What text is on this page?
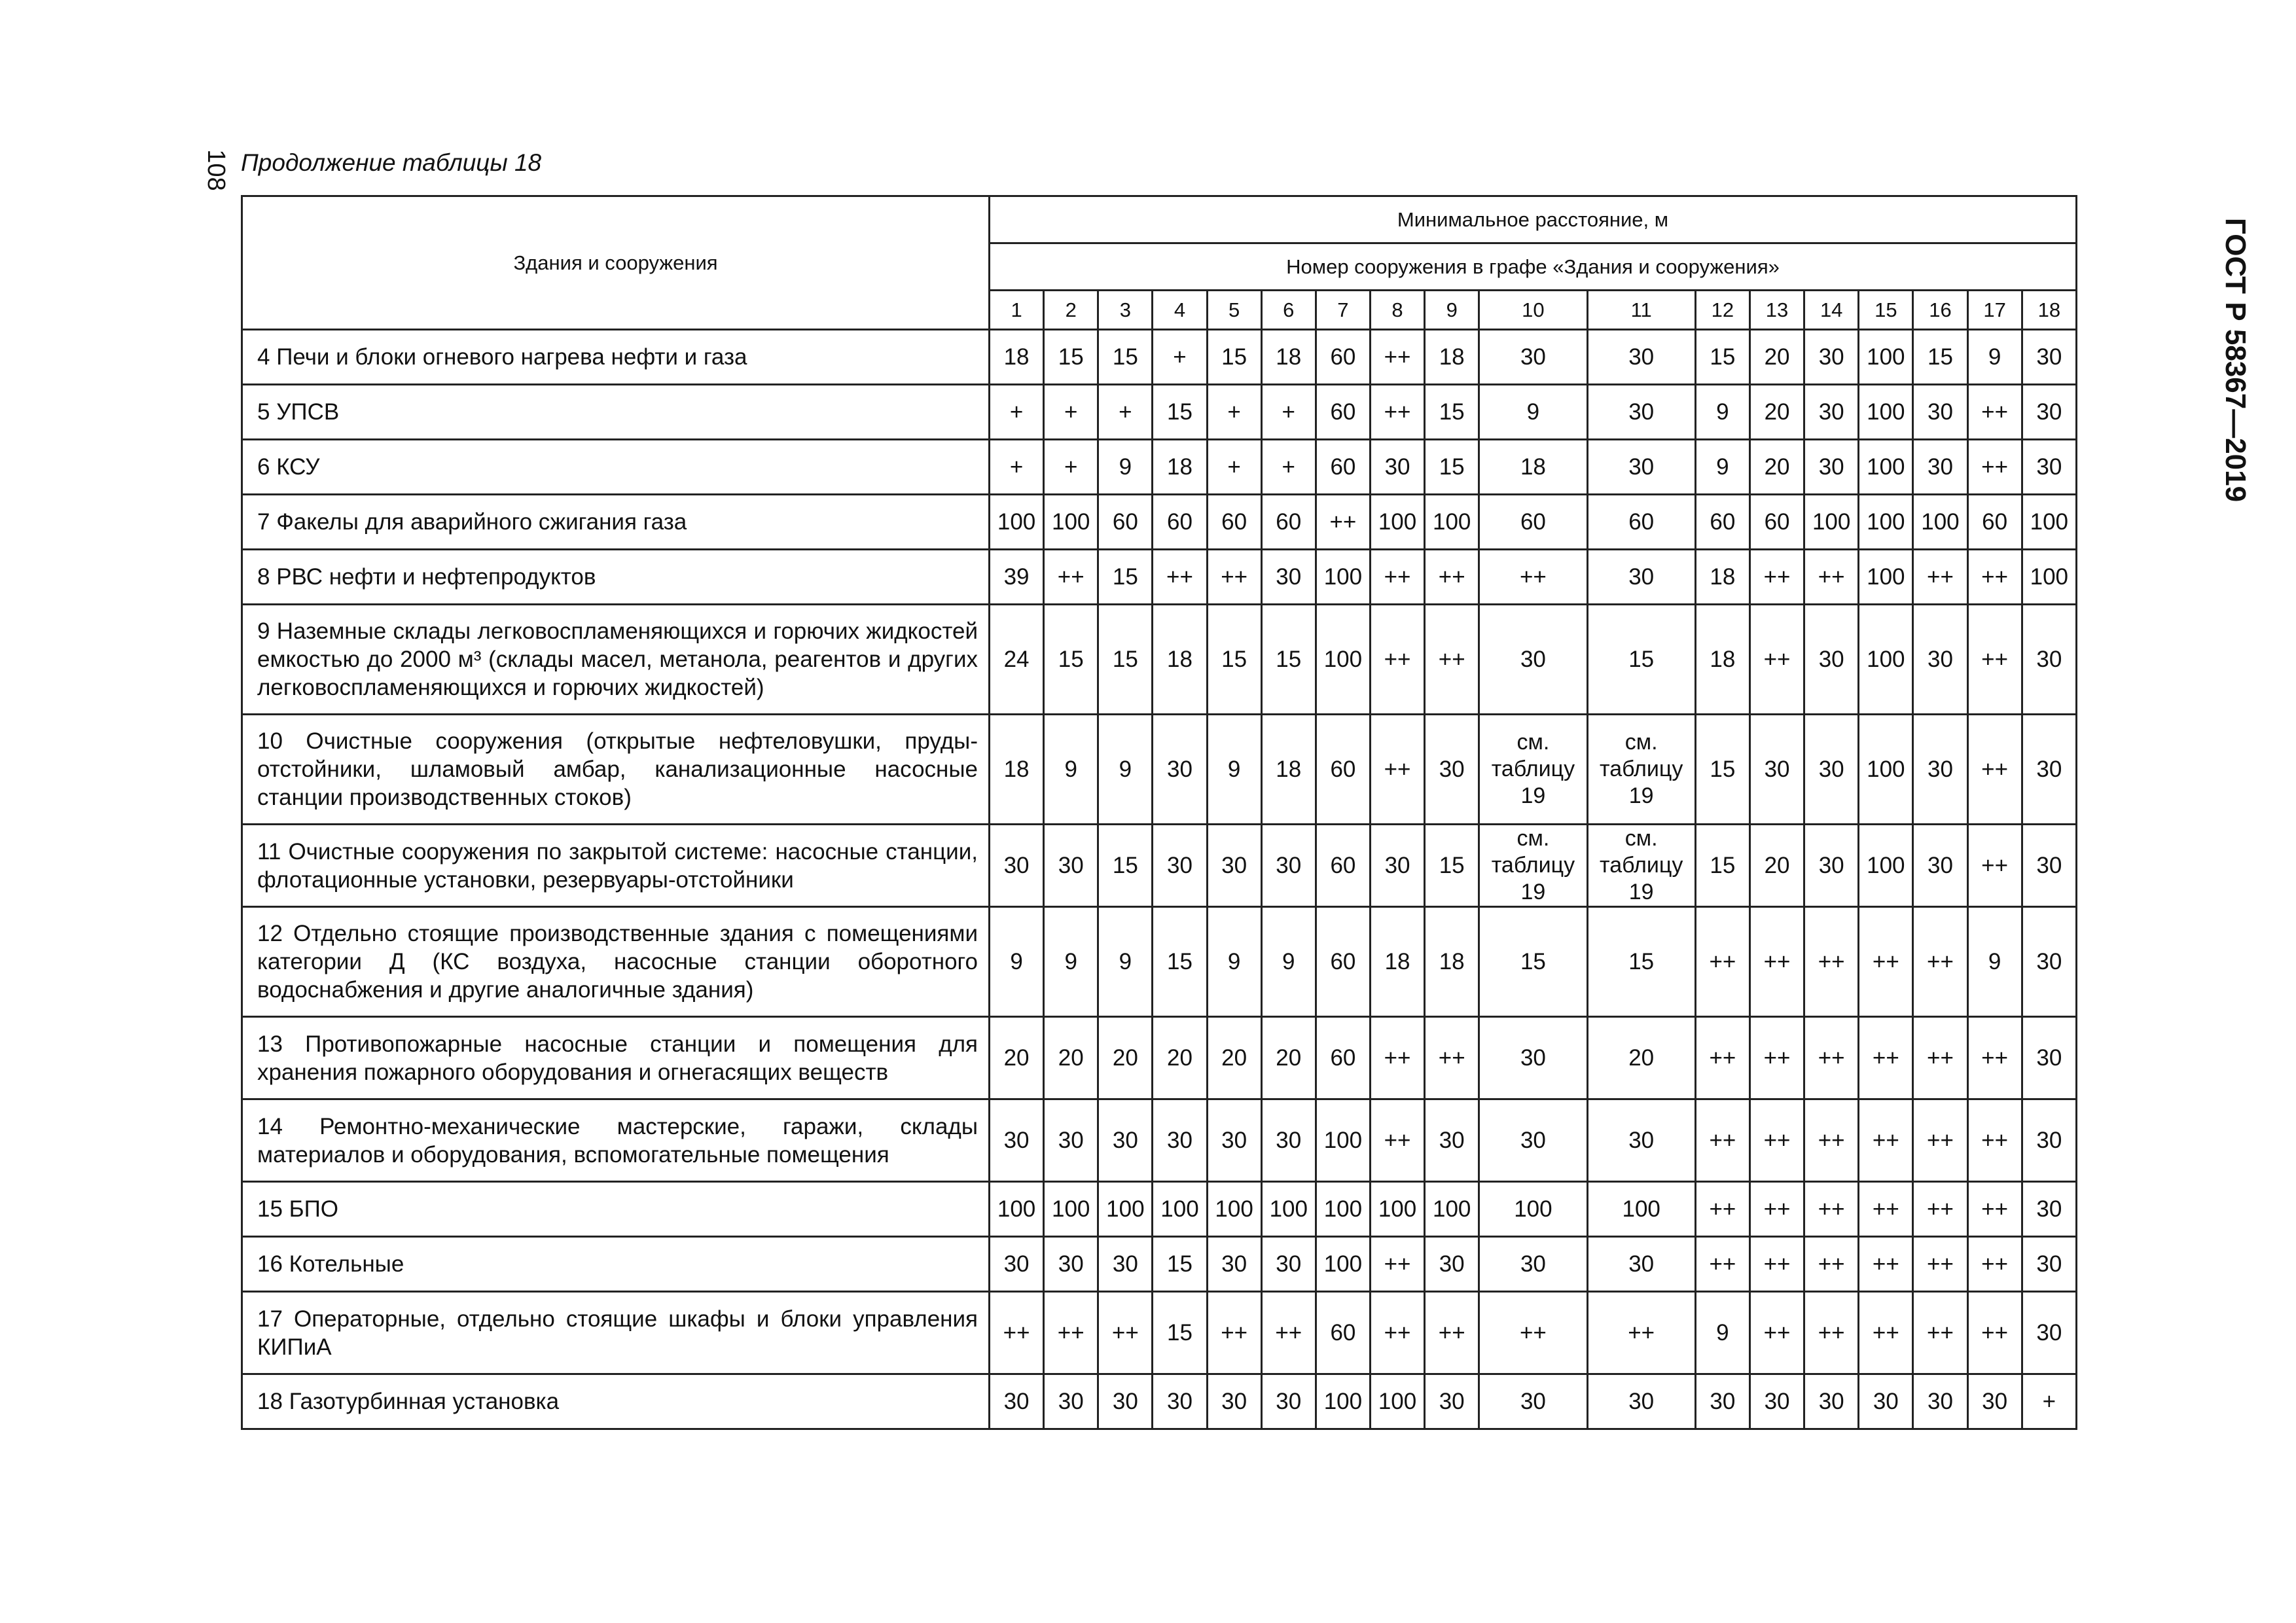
108 Продолжение таблицы 18
ГОСТ Р 58367—2019
Здания и сооружения	Минимальное расстояние, м																	
	Номер сооружения в графе «Здания и сооружения»																	
	1	2	3	4	5	6	7	8	9	10	11	12	13	14	15	16	17	18
4 Печи и блоки огневого нагрева нефти и газа	18	15	15	+	15	18	60	++	18	30	30	15	20	30	100	15	9	30
5 УПСВ	+	+	+	15	+	+	60	++	15	9	30	9	20	30	100	30	++	30
6 КСУ	+	+	9	18	+	+	60	30	15	18	30	9	20	30	100	30	++	30
7 Факелы для аварийного сжигания газа	100	100	60	60	60	60	++	100	100	60	60	60	60	100	100	100	60	100
8 РВС нефти и нефтепродуктов	39	++	15	++	++	30	100	++	++	++	30	18	++	++	100	++	++	100
9 Наземные склады легковоспламеняющихся и горючих жидкостей емкостью до 2000 м³ (склады масел, метанола, реагентов и других легковоспламеняющихся и горючих жидкостей)	24	15	15	18	15	15	100	++	++	30	15	18	++	30	100	30	++	30
10 Очистные сооружения (открытые нефтеловушки, пруды-отстойники, шламовый амбар, канализационные насосные станции производственных стоков)	18	9	9	30	9	18	60	++	30	см. таблицу 19	см. таблицу 19	15	30	30	100	30	++	30
11 Очистные сооружения по закрытой системе: насосные станции, флотационные установки, резервуары-отстойники	30	30	15	30	30	30	60	30	15	см. таблицу 19	см. таблицу 19	15	20	30	100	30	++	30
12 Отдельно стоящие производственные здания с помещениями категории Д (КС воздуха, насосные станции оборотного водоснабжения и другие аналогичные здания)	9	9	9	15	9	9	60	18	18	15	15	++	++	++	++	++	9	30
13 Противопожарные насосные станции и помещения для хранения пожарного оборудования и огнегасящих веществ	20	20	20	20	20	20	60	++	++	30	20	++	++	++	++	++	++	30
14 Ремонтно-механические мастерские, гаражи, склады материалов и оборудования, вспомогательные помещения	30	30	30	30	30	30	100	++	30	30	30	++	++	++	++	++	++	30
15 БПО	100	100	100	100	100	100	100	100	100	100	100	++	++	++	++	++	++	30
16 Котельные	30	30	30	15	30	30	100	++	30	30	30	++	++	++	++	++	++	30
17 Операторные, отдельно стоящие шкафы и блоки управления КИПиА	++	++	++	15	++	++	60	++	++	++	++	9	++	++	++	++	++	30
18 Газотурбинная установка	30	30	30	30	30	30	100	100	30	30	30	30	30	30	30	30	30	+
